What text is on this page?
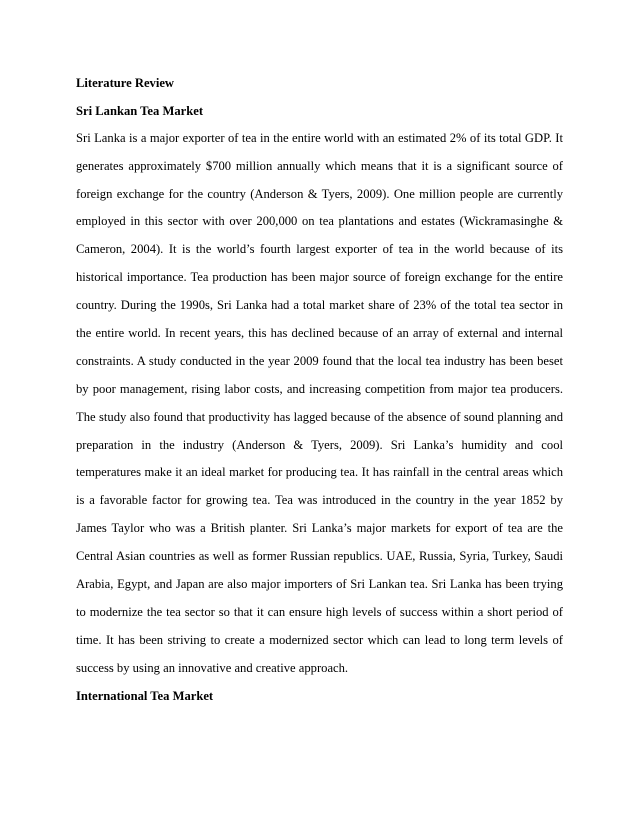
Literature Review
Sri Lankan Tea Market
Sri Lanka is a major exporter of tea in the entire world with an estimated 2% of its total GDP. It
generates approximately $700 million annually which means that it is a significant source of
foreign exchange for the country (Anderson & Tyers, 2009). One million people are currently
employed in this sector with over 200,000 on tea plantations and estates (Wickramasinghe &
Cameron, 2004). It is the world’s fourth largest exporter of tea in the world because of its
historical importance. Tea production has been major source of foreign exchange for the entire
country. During the 1990s, Sri Lanka had a total market share of 23% of the total tea sector in
the entire world. In recent years, this has declined because of an array of external and internal
constraints. A study conducted in the year 2009 found that the local tea industry has been beset
by poor management, rising labor costs, and increasing competition from major tea producers.
The study also found that productivity has lagged because of the absence of sound planning and
preparation in the industry (Anderson & Tyers, 2009). Sri Lanka’s humidity and cool
temperatures make it an ideal market for producing tea. It has rainfall in the central areas which
is a favorable factor for growing tea. Tea was introduced in the country in the year 1852 by
James Taylor who was a British planter. Sri Lanka’s major markets for export of tea are the
Central Asian countries as well as former Russian republics. UAE, Russia, Syria, Turkey, Saudi
Arabia, Egypt, and Japan are also major importers of Sri Lankan tea. Sri Lanka has been trying
to modernize the tea sector so that it can ensure high levels of success within a short period of
time. It has been striving to create a modernized sector which can lead to long term levels of
success by using an innovative and creative approach.
International Tea Market
